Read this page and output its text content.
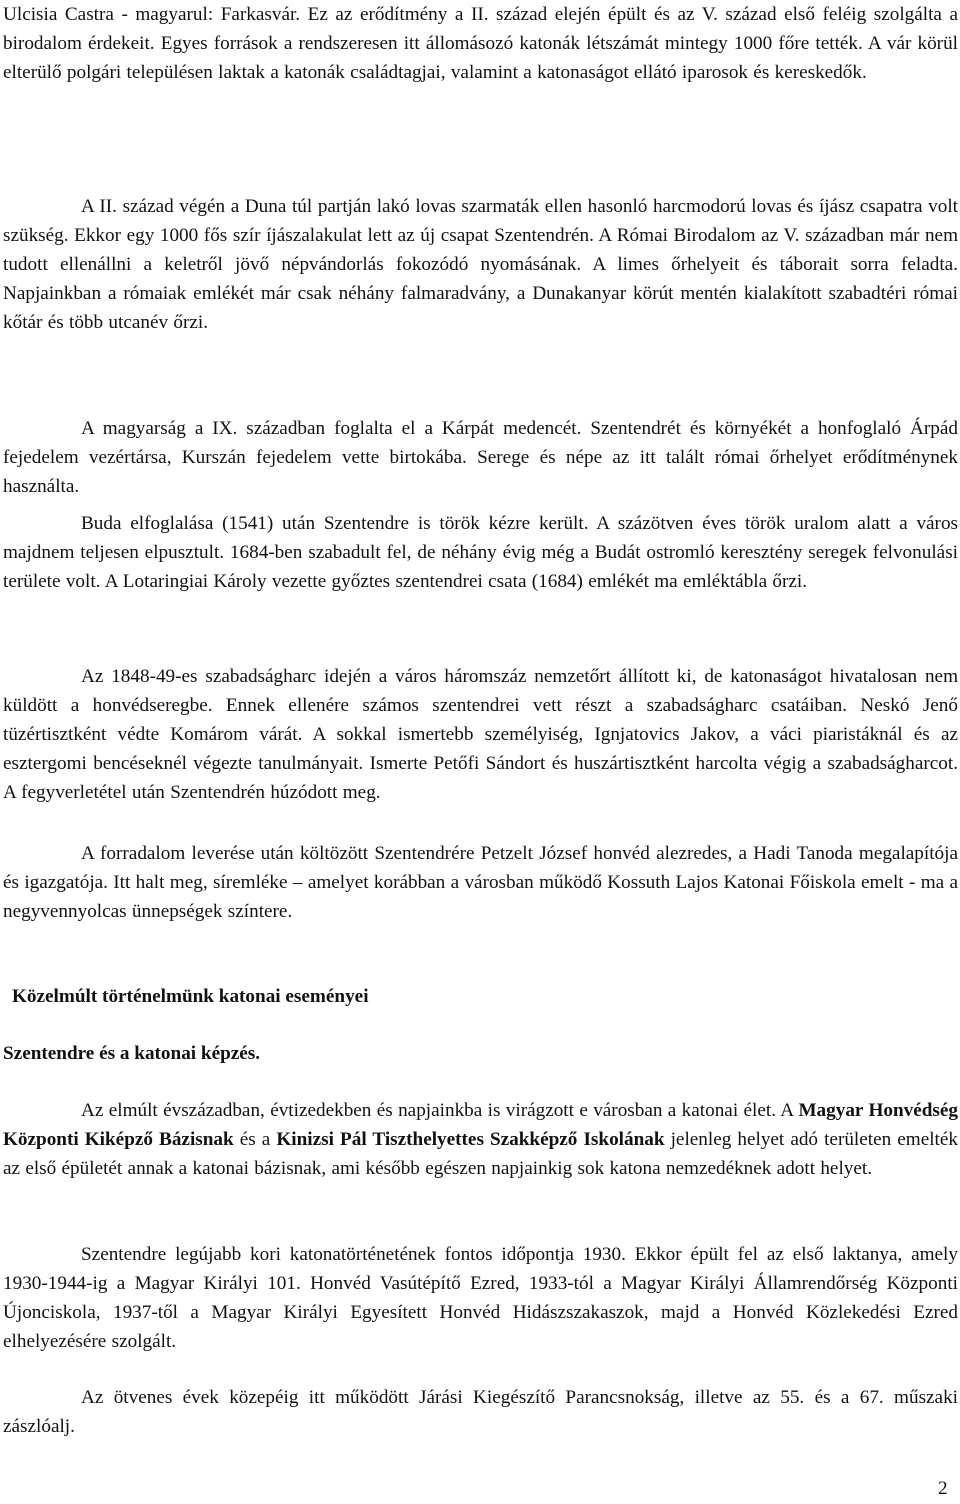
Ulcisia Castra - magyarul: Farkasvár. Ez az erődítmény a II. század elején épült és az V. század első feléig szolgálta a birodalom érdekeit. Egyes források a rendszeresen itt állomásozó katonák létszámát mintegy 1000 főre tették. A vár körül elterülő polgári településen laktak a katonák családtagjai, valamint a katonaságot ellátó iparosok és kereskedők.

A II. század végén a Duna túl partján lakó lovas szarmaták ellen hasonló harcmodorú lovas és íjász csapatra volt szükség. Ekkor egy 1000 fős szír íjászalakulat lett az új csapat Szentendrén. A Római Birodalom az V. században már nem tudott ellenállni a keletről jövő népvándorlás fokozódó nyomásának. A limes őrhelyeit és táborait sorra feladta. Napjainkban a rómaiak emlékét már csak néhány falmaradvány, a Dunakanyar körút mentén kialakított szabadtéri római kőtár és több utcanév őrzi.

A magyarság a IX. században foglalta el a Kárpát medencét. Szentendrét és környékét a honfoglaló Árpád fejedelem vezértársa, Kurszán fejedelem vette birtokába. Serege és népe az itt talált római őrhelyet erődítménynek használta.

Buda elfoglalása (1541) után Szentendre is török kézre került. A százötven éves török uralom alatt a város majdnem teljesen elpusztult. 1684-ben szabadult fel, de néhány évig még a Budát ostromló keresztény seregek felvonulási területe volt. A Lotaringiai Károly vezette győztes szentendrei csata (1684) emlékét ma emléktábla őrzi.

Az 1848-49-es szabadságharc idején a város háromszáz nemzetőrt állított ki, de katonaságot hivatalosan nem küldött a honvédseregbe. Ennek ellenére számos szentendrei vett részt a szabadságharc csatáiban. Neskó Jenő tüzértisztként védte Komárom várát. A sokkal ismertebb személyiség, Ignjatovics Jakov, a váci piaristáknál és az esztergomi bencéseknél végezte tanulmányait. Ismerte Petőfi Sándort és huszártisztként harcolta végig a szabadságharcot. A fegyverletétel után Szentendrén húzódott meg.

A forradalom leverése után költözött Szentendrére Petzelt József honvéd alezredes, a Hadi Tanoda megalapítója és igazgatója. Itt halt meg, síremléke – amelyet korábban a városban működő Kossuth Lajos Katonai Főiskola emelt - ma a negyvennyolcas ünnepségek színtere.

Közelmúlt történelmünk katonai eseményei
Szentendre és a katonai képzés.

Az elmúlt évszázadban, évtizedekben és napjainkba is virágzott e városban a katonai élet. A Magyar Honvédség Központi Kiképző Bázisnak és a Kinizsi Pál Tiszthelyettes Szakképző Iskolának jelenleg helyet adó területen emelték az első épületét annak a katonai bázisnak, ami később egészen napjainkig sok katona nemzedéknek adott helyet.

Szentendre legújabb kori katonatörténetének fontos időpontja 1930. Ekkor épült fel az első laktanya, amely 1930-1944-ig a Magyar Királyi 101. Honvéd Vasútépítő Ezred, 1933-tól a Magyar Királyi Államrendőrség Központi Újonciskola, 1937-től a Magyar Királyi Egyesített Honvéd Hidászszakaszok, majd a Honvéd Közlekedési Ezred elhelyezésére szolgált.

Az ötvenes évek közepéig itt működött Járási Kiegészítő Parancsnokság, illetve az 55. és a 67. műszaki zászlóalj.

2
